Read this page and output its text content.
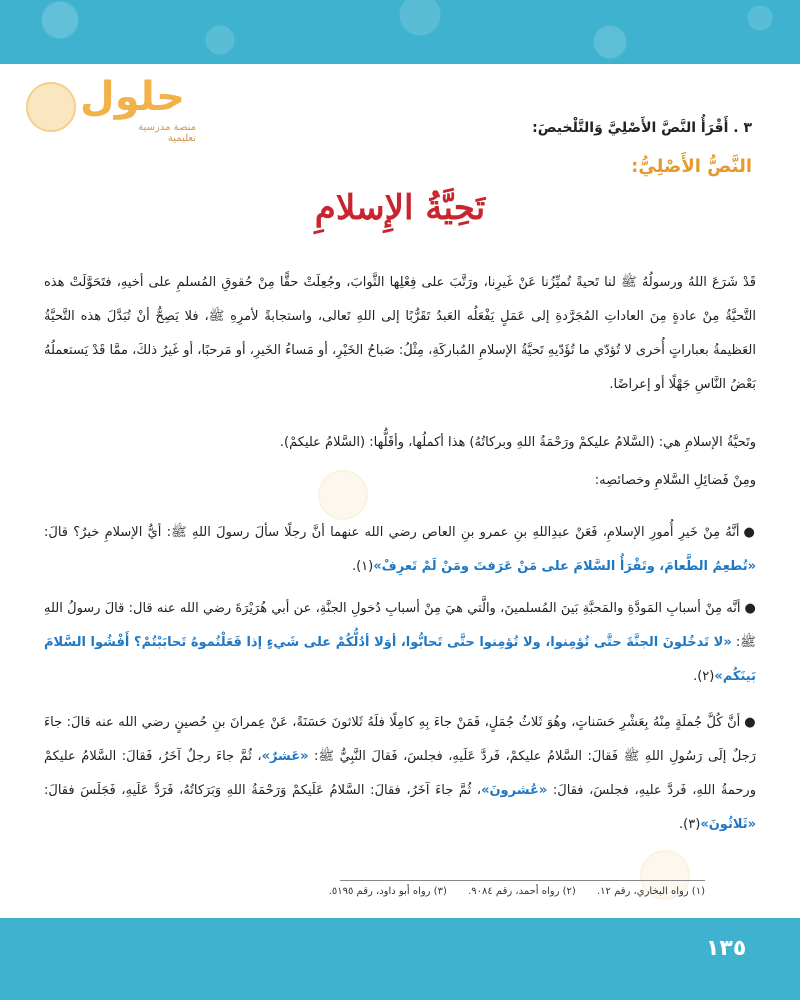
حلول
منصة مدرسية تعليمية
٣ . أَقْرَأُ النَّصَّ الأَصْلِيَّ وَالتَّلْخيصَ:
النَّصُّ الأَصْلِيُّ:
تَحِيَّةُ الإِسلامِ

قَدْ شَرَعَ اللهُ ورسولُهُ ﷺ لنا تَحيةً تُميِّزُنا عَنْ غَيرِنا، ورَتَّبَ على فِعْلِها الثَّوابَ، وجُعِلَتْ حقًّا مِنْ حُقوقِ المُسلمِ على أخيهِ، فتَحَوَّلَتْ هذه التَّحيَّةُ مِنْ عادةٍ مِنَ العاداتِ المُجَرَّدةِ إلى عَمَلٍ يَفْعَلُه العَبدُ تَقَرُّبًا إلى اللهِ تَعالى، واستجابةً لأمرِهِ ﷺ، فلا يَصِحُّ أنْ تُبَدَّلَ هذه التَّحيَّةُ العَظيمةُ بعباراتٍ أُخرى لا تُؤدّي ما تُؤَدّيهِ تَحيَّةُ الإسلامِ المُباركَةِ، مِثْلُ: صَباحُ الخَيْرِ، أو مَساءُ الخَيرِ، أو مَرحبًا، أو غَيرُ ذلكَ، ممَّا قَدْ يَستعملُهُ بَعْضُ النَّاسِ جَهْلًا أو إعراضًا.

وتَحيَّةُ الإسلامِ هي: (السَّلامُ عليكمْ ورَحْمَةُ اللهِ وبركاتُهُ) هذا أكملُها، وأقَلُّها: (السَّلامُ عليكمْ).

ومِنْ فَضائِلِ السَّلامِ وخصائصِه:

●أنَّهُ مِنْ خَيرِ أُمورِ الإسلامِ، فَعَنْ عبدِاللهِ بنِ عمرو بنِ العاص رضي الله عنهما أنَّ رجلًا سألَ رسولَ اللهِ ﷺ: أيُّ الإسلامِ خيرٌ؟ قالَ: «تُطعِمُ الطَّعامَ، وتَقْرَأُ السَّلامَ على مَنْ عَرَفتَ ومَنْ لَمْ تَعرِفْ»(١).

●أنَّه مِنْ أسبابِ المَودَّةِ والمَحبَّةِ بَينَ المُسلمينَ، والَّتي هيَ مِنْ أسبابِ دُخولِ الجنَّةِ، عن أبي هُرَيْرَةَ رضي الله عنه قال: قالَ رسولُ اللهِ ﷺ: «لا تَدخُلونَ الجنَّةَ حتَّى تُؤمِنوا، ولا تُؤمِنوا حتَّى تَحابُّوا، أوَلا أدُلُّكُمْ على شَيءٍ إذا فَعَلْتُموهُ تَحابَبْتُمْ؟ أَفْشُوا السَّلامَ بَينَكُم»(٢).

●أنَّ كُلَّ جُملَةٍ مِنْهُ بِعَشْرِ حَسَناتٍ، وهُوَ ثَلاثُ جُمَلٍ، فَمَنْ جاءَ بِهِ كامِلًا فلَهُ ثَلاثونَ حَسَنَةً، عَنْ عِمرانَ بنِ حُصينٍ رضي الله عنه قالَ: جاءَ رَجلٌ إلَى رَسُولِ اللهِ ﷺ فَقالَ: السَّلامُ عليكمْ، فَردَّ عَلَيهِ، فجلسَ، فَقالَ النَّبِيُّ ﷺ: «عَشرٌ»، ثُمَّ جاءَ رجلٌ آخَرُ، فَقالَ: السَّلامُ عليكمْ ورحمةُ اللهِ، فَردَّ عليهِ، فجلسَ، فقالَ: «عُشرونَ»، ثُمَّ جاءَ آخَرُ، فقالَ: السَّلامُ عَلَيكمْ وَرَحْمَةُ اللهِ وَبَرَكاتُهُ، فَرَدَّ عَلَيهِ، فَجَلَسَ فقالَ: «ثَلاثُونَ»(٣).

(١) رواه البخاري، رقم ١٢. (٢) رواه أحمد، رقم ٩٠٨٤. (٣) رواه أبو داود، رقم ٥١٩٥.
١٣٥
